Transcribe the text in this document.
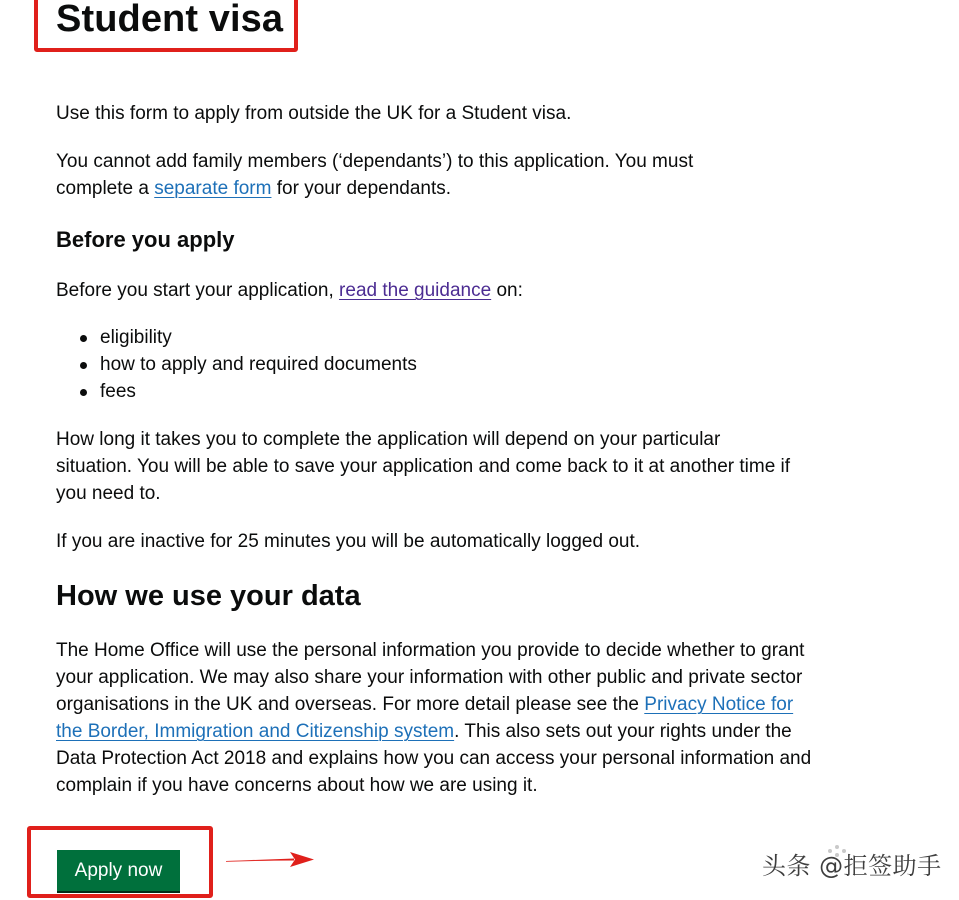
Student visa

Use this form to apply from outside the UK for a Student visa.

You cannot add family members (‘dependants’) to this application. You must complete a separate form for your dependants.

Before you apply

Before you start your application, read the guidance on:

eligibility
how to apply and required documents
fees

How long it takes you to complete the application will depend on your particular situation. You will be able to save your application and come back to it at another time if you need to.

If you are inactive for 25 minutes you will be automatically logged out.

How we use your data

The Home Office will use the personal information you provide to decide whether to grant your application. We may also share your information with other public and private sector organisations in the UK and overseas. For more detail please see the Privacy Notice for the Border, Immigration and Citizenship system. This also sets out your rights under the Data Protection Act 2018 and explains how you can access your personal information and complain if you have concerns about how we are using it.

Apply now	头条 @拒签助手
